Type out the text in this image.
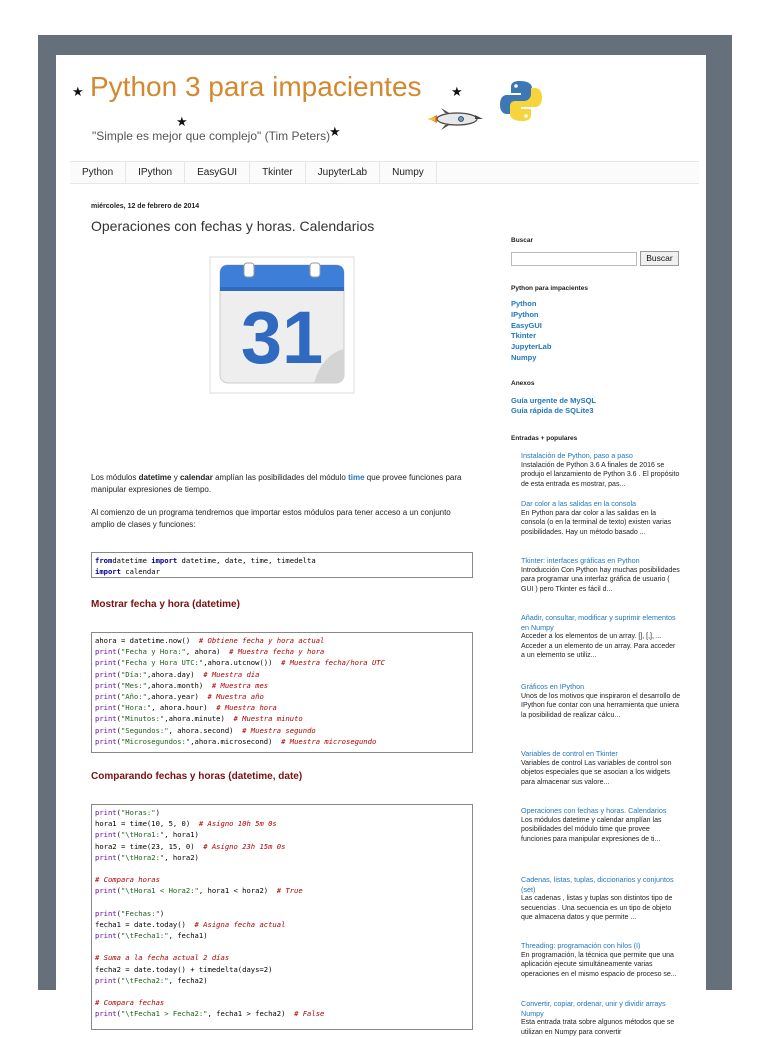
★
★
★
★
Python 3 para impacientes
"Simple es mejor que complejo" (Tim Peters)
Python	IPython	EasyGUI	Tkinter	JupyterLab	Numpy
miércoles, 12 de febrero de 2014
Operaciones con fechas y horas. Calendarios
31
Los módulos datetime y calendar amplían las posibilidades del módulo time que provee funciones para manipular expresiones de tiempo.
Al comienzo de un programa tendremos que importar estos módulos para tener acceso a un conjunto amplio de clases y funciones:
fromdatetime import datetime, date, time, timedelta
import calendar
Mostrar fecha y hora (datetime)
ahora = datetime.now()  # Obtiene fecha y hora actual
print("Fecha y Hora:", ahora)  # Muestra fecha y hora
print("Fecha y Hora UTC:",ahora.utcnow())  # Muestra fecha/hora UTC
print("Día:",ahora.day)  # Muestra día
print("Mes:",ahora.month)  # Muestra mes
print("Año:",ahora.year)  # Muestra año
print("Hora:", ahora.hour)  # Muestra hora
print("Minutos:",ahora.minute)  # Muestra minuto
print("Segundos:", ahora.second)  # Muestra segundo
print("Microsegundos:",ahora.microsecond)  # Muestra microsegundo
Comparando fechas y horas (datetime, date)
print("Horas:")
hora1 = time(10, 5, 0)  # Asigno 10h 5m 0s
print("\tHora1:", hora1)
hora2 = time(23, 15, 0)  # Asigno 23h 15m 0s
print("\tHora2:", hora2)
# Compara horas
print("\tHora1 < Hora2:", hora1 < hora2)  # True
print("Fechas:")
fecha1 = date.today()  # Asigna fecha actual
print("\tFecha1:", fecha1)
# Suma a la fecha actual 2 días
fecha2 = date.today() + timedelta(days=2)
print("\tFecha2:", fecha2)
# Compara fechas
print("\tFecha1 > Fecha2:", fecha1 > fecha2)  # False
Buscar
Buscar
Python para impacientes
Python
IPython
EasyGUI
Tkinter
JupyterLab
Numpy
Anexos
Guía urgente de MySQL
Guía rápida de SQLite3
Entradas + populares
Instalación de Python, paso a paso
Instalación de Python 3.6 A finales de 2016 se produjo el lanzamiento de Python 3.6 . El propósito de esta entrada es mostrar, pas...
Dar color a las salidas en la consola
En Python para dar color a las salidas en la consola (o en la terminal de texto) existen varias posibilidades. Hay un método basado ...
Tkinter: interfaces gráficas en Python
Introducción Con Python hay muchas posibilidades para programar una interfaz gráfica de usuario ( GUI ) pero Tkinter es fácil d...
Añadir, consultar, modificar y suprimir elementos en Numpy
Acceder a los elementos de un array. [], [,], ... Acceder a un elemento de un array. Para acceder a un elemento se utiliz...
Gráficos en IPython
Unos de los motivos que inspiraron el desarrollo de IPython fue contar con una herramienta que uniera la posibilidad de realizar cálcu...
Variables de control en Tkinter
Variables de control Las variables de control son objetos especiales que se asocian a los widgets para almacenar sus valore...
Operaciones con fechas y horas. Calendarios
Los módulos datetime y calendar amplían las posibilidades del módulo time que provee funciones para manipular expresiones de ti...
Cadenas, listas, tuplas, diccionarios y conjuntos (set)
Las cadenas , listas y tuplas son distintos tipo de secuencias . Una secuencia es un tipo de objeto que almacena datos y que permite ...
Threading: programación con hilos (I)
En programación, la técnica que permite que una aplicación ejecute simultáneamente varias operaciones en el mismo espacio de proceso se...
Convertir, copiar, ordenar, unir y dividir arrays Numpy
Esta entrada trata sobre algunos métodos que se utilizan en Numpy para convertir
